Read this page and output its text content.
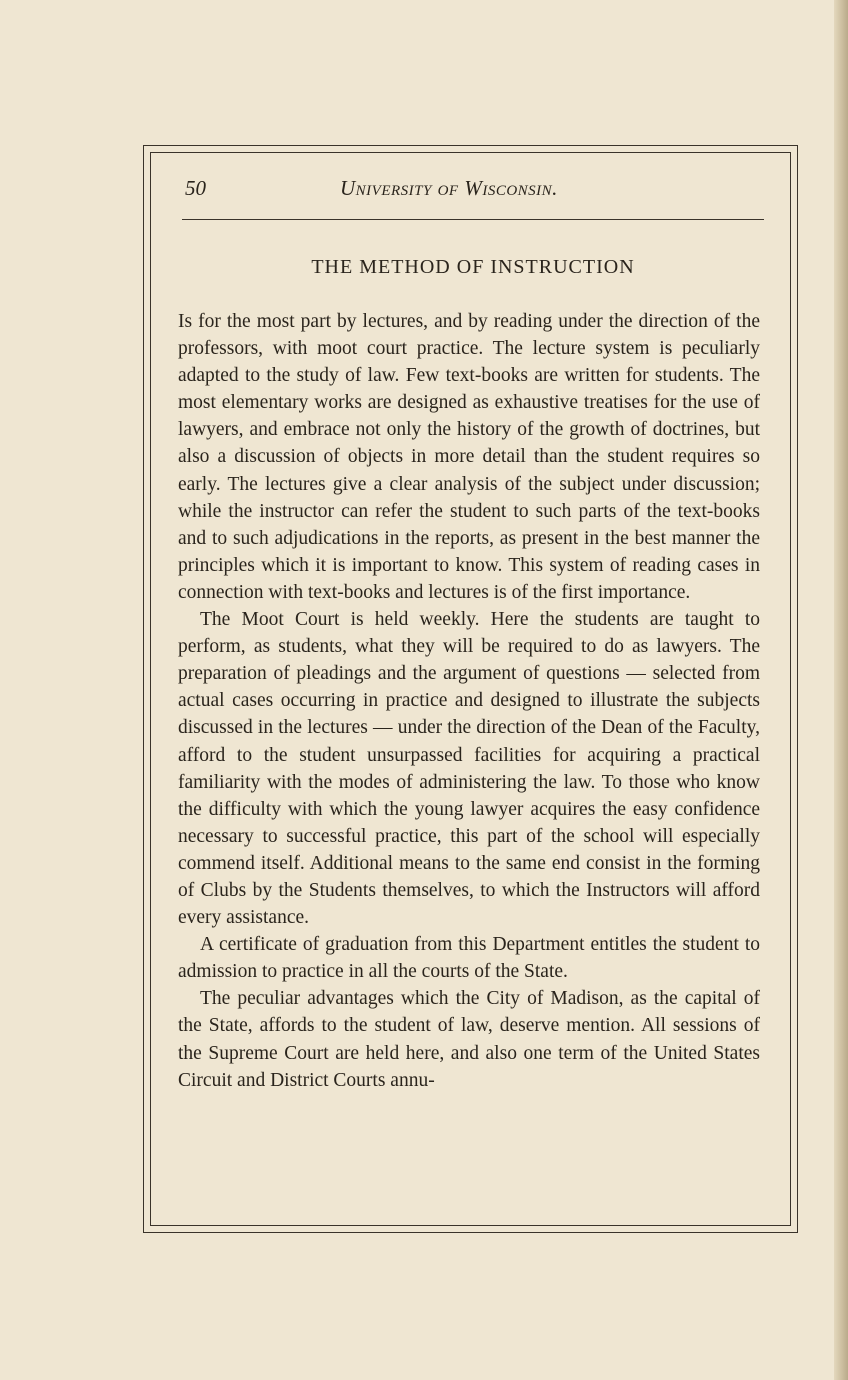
50	University of Wisconsin.
THE METHOD OF INSTRUCTION

Is for the most part by lectures, and by reading under the direction of the professors, with moot court practice. The lecture system is peculiarly adapted to the study of law. Few text-books are written for students. The most elementary works are designed as exhaustive treatises for the use of lawyers, and embrace not only the history of the growth of doctrines, but also a discussion of objects in more detail than the student requires so early. The lectures give a clear analysis of the subject under discussion; while the instructor can refer the student to such parts of the text-books and to such adjudications in the reports, as present in the best manner the principles which it is important to know. This system of reading cases in connection with text-books and lectures is of the first importance.

The Moot Court is held weekly. Here the students are taught to perform, as students, what they will be required to do as lawyers. The preparation of pleadings and the argument of questions — selected from actual cases occurring in practice and designed to illustrate the subjects discussed in the lectures — under the direction of the Dean of the Faculty, afford to the student unsurpassed facilities for acquiring a practical familiarity with the modes of administering the law. To those who know the difficulty with which the young lawyer acquires the easy confidence necessary to successful practice, this part of the school will especially commend itself. Additional means to the same end consist in the forming of Clubs by the Students themselves, to which the Instructors will afford every assistance.

A certificate of graduation from this Department entitles the student to admission to practice in all the courts of the State.

The peculiar advantages which the City of Madison, as the capital of the State, affords to the student of law, deserve mention. All sessions of the Supreme Court are held here, and also one term of the United States Circuit and District Courts annu-
